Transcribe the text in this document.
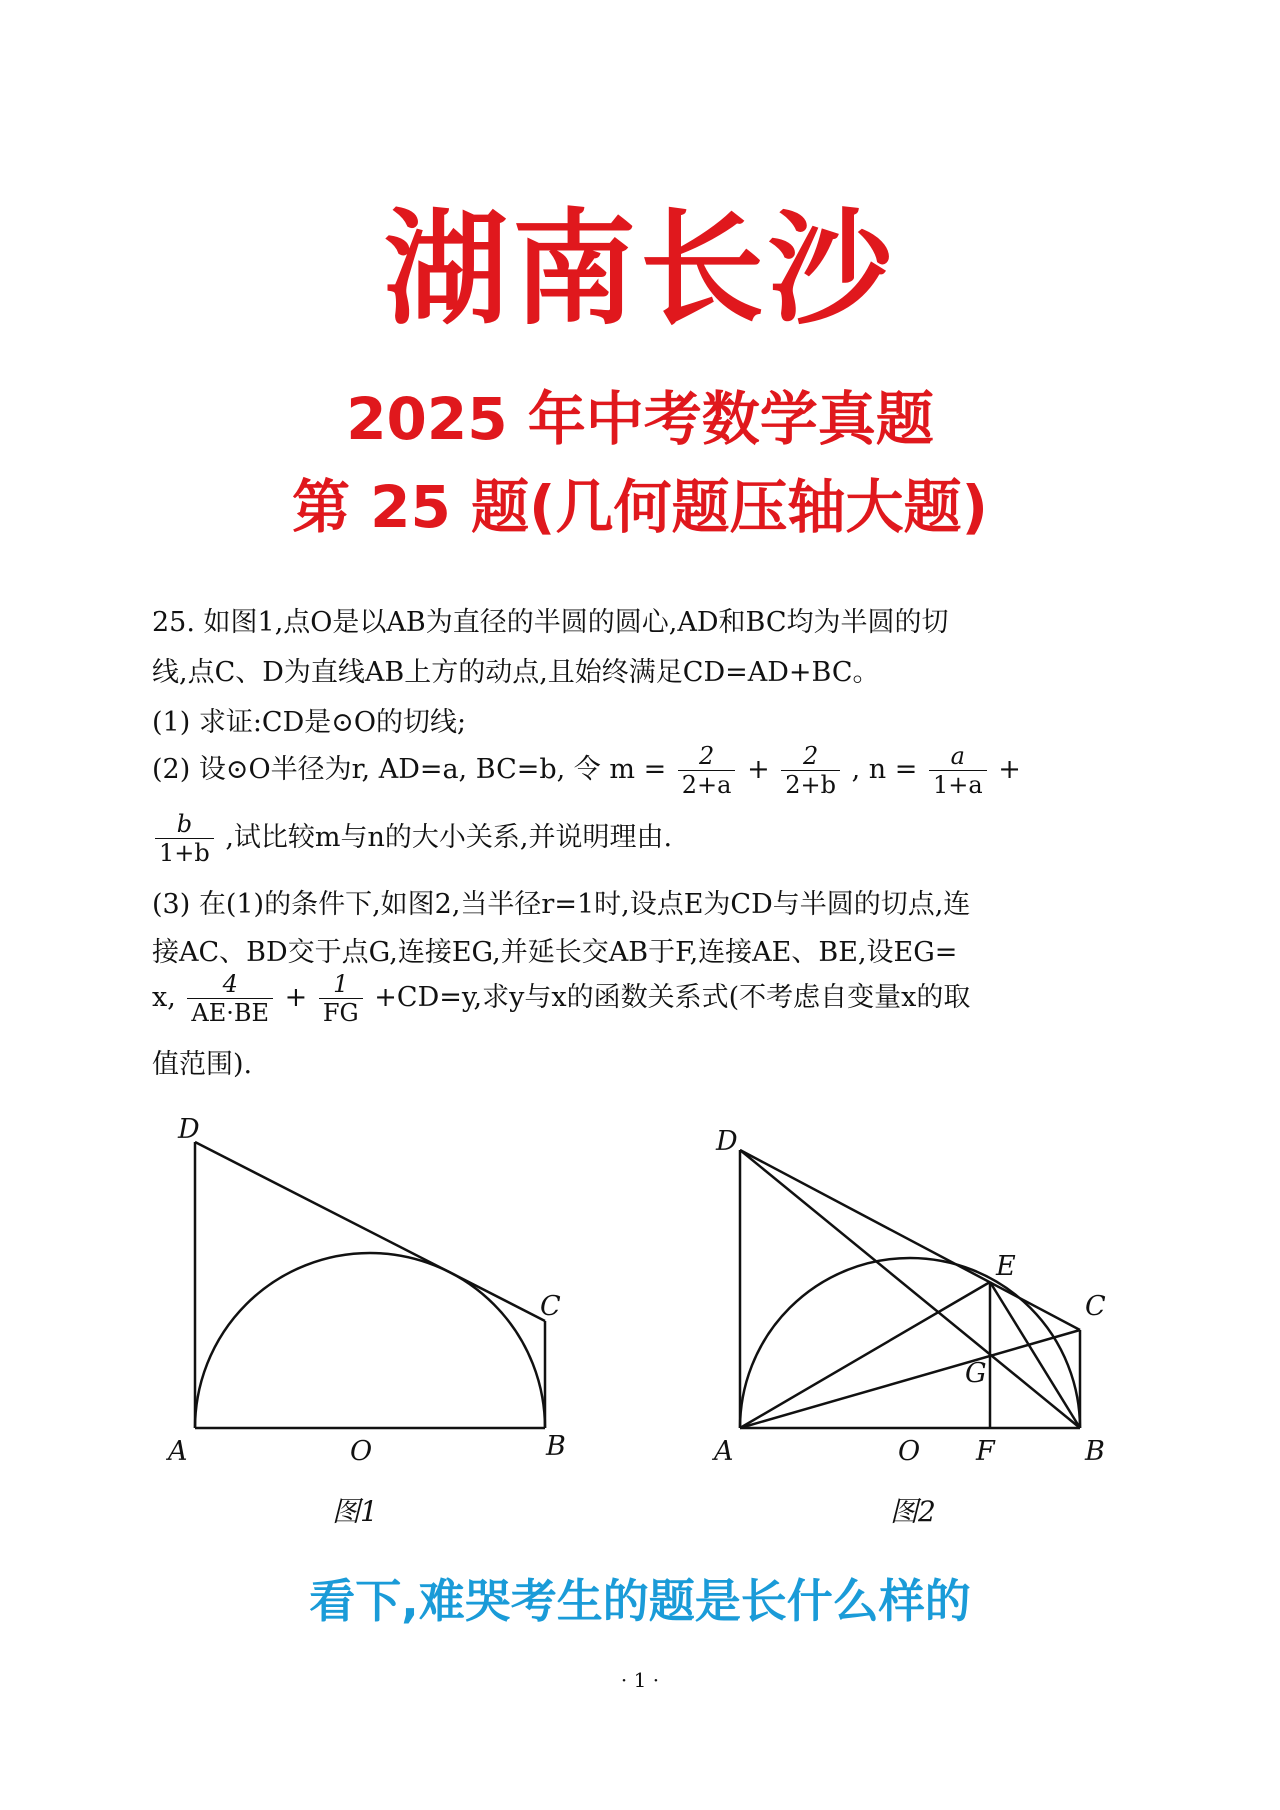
湖南长沙
2025 年中考数学真题
第 25 题(几何题压轴大题)
25. 如图1,点O是以AB为直径的半圆的圆心,AD和BC均为半圆的切
线,点C、D为直线AB上方的动点,且始终满足CD=AD+BC。
(1) 求证:CD是⊙O的切线;
(2) 设⊙O半径为r, AD=a, BC=b, 令 $m = \frac{2}{2+a} + \frac{2}{2+b}$ , $n = \frac{a}{1+a}$ +
$\frac{b}{1+b}$ ,试比较m与n的大小关系,并说明理由.
(3) 在(1)的条件下,如图2,当半径r=1时,设点E为CD与半圆的切点,连
接AC、BD交于点G,连接EG,并延长交AB于F,连接AE、BE,设EG=
x, $\frac{4}{AE\cdot BE} + \frac{1}{FG} +CD=y$,求y与x的函数关系式(不考虑自变量x的取
值范围).
D
C
A	O	B
图1
D
E
C
G
A	O F	B
图2
看下,难哭考生的题是长什么样的
· 1 ·
